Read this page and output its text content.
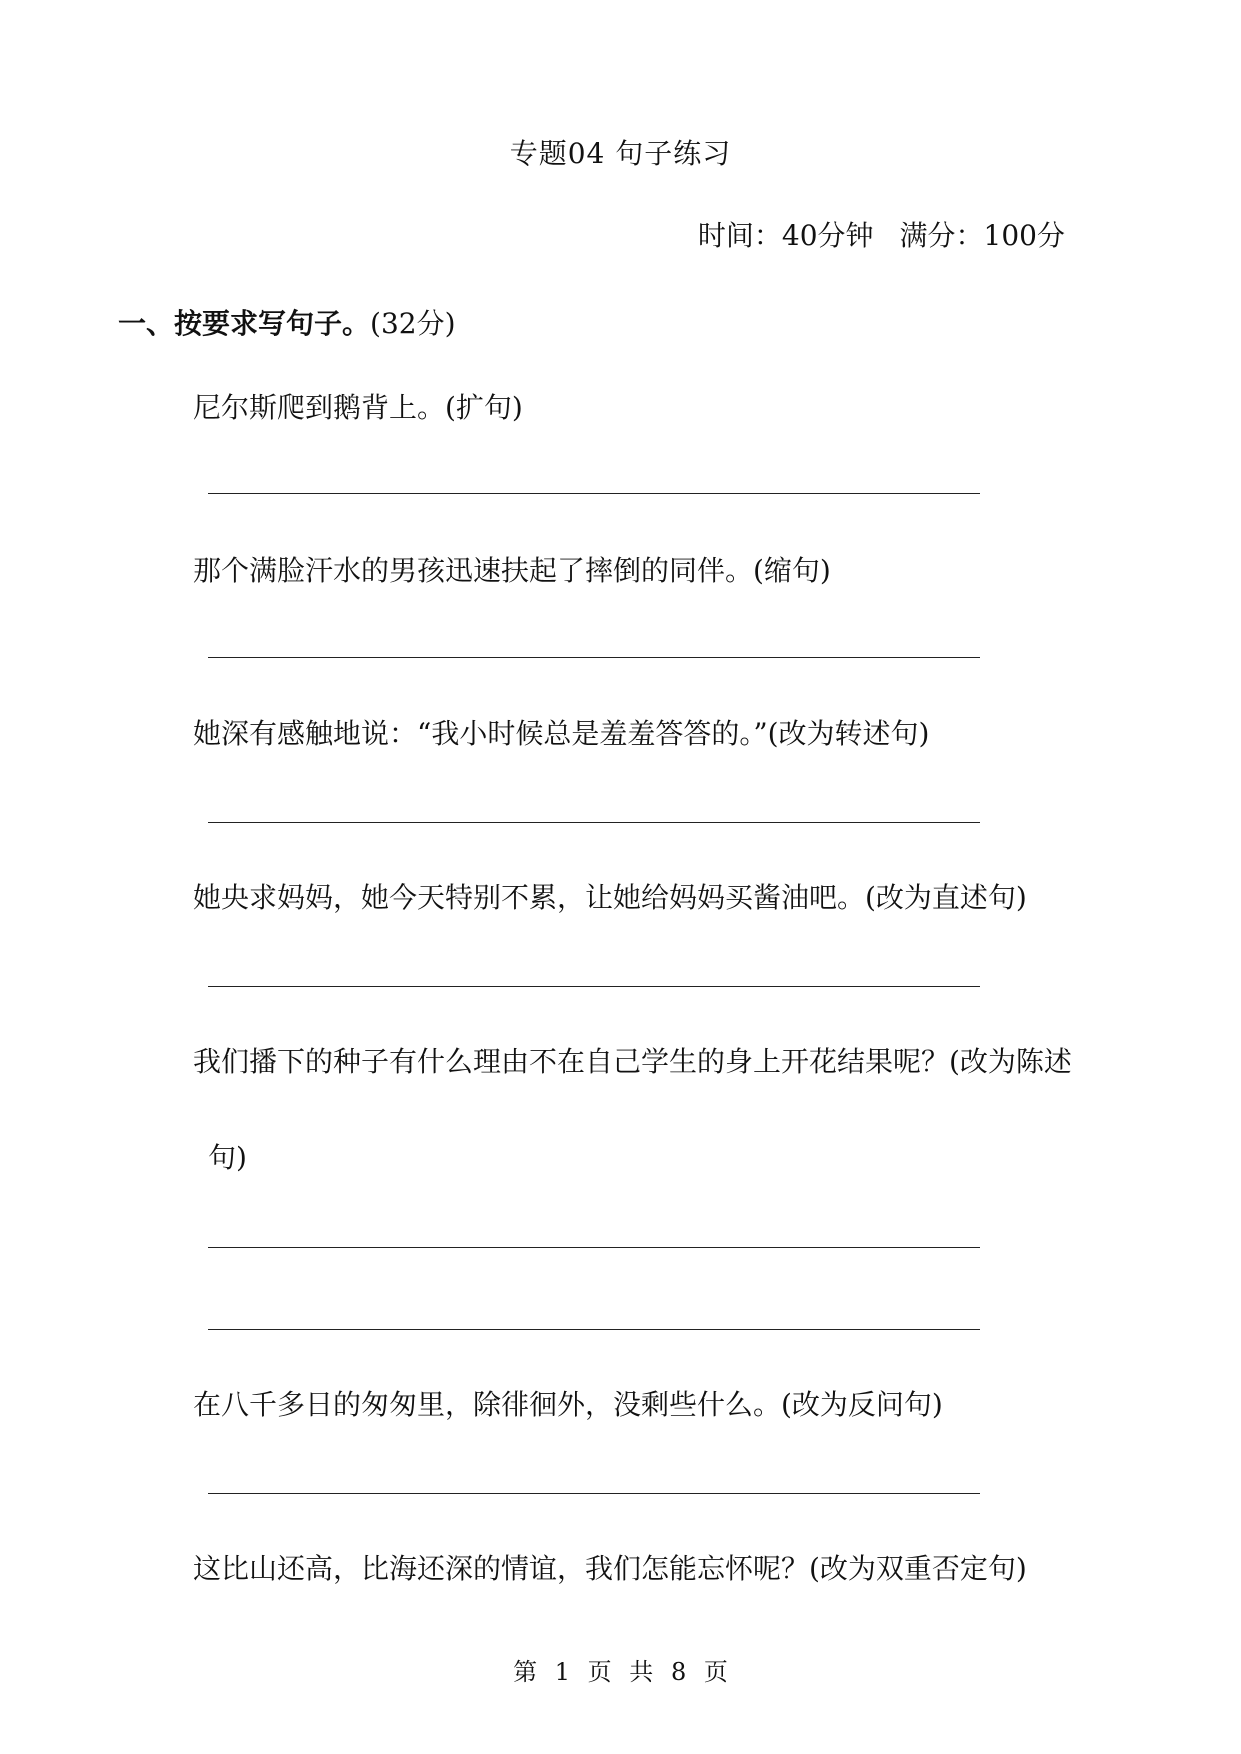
专题04 句子练习
时间：40分钟 满分：100分
一、按要求写句子。(32分)
尼尔斯爬到鹅背上。(扩句)
那个满脸汗水的男孩迅速扶起了摔倒的同伴。(缩句)
她深有感触地说：“我小时候总是羞羞答答的。”(改为转述句)
她央求妈妈，她今天特别不累，让她给妈妈买酱油吧。(改为直述句)
我们播下的种子有什么理由不在自己学生的身上开花结果呢？(改为陈述
句)
在八千多日的匆匆里，除徘徊外，没剩些什么。(改为反问句)
这比山还高，比海还深的情谊，我们怎能忘怀呢？(改为双重否定句)
第 1 页 共 8 页
